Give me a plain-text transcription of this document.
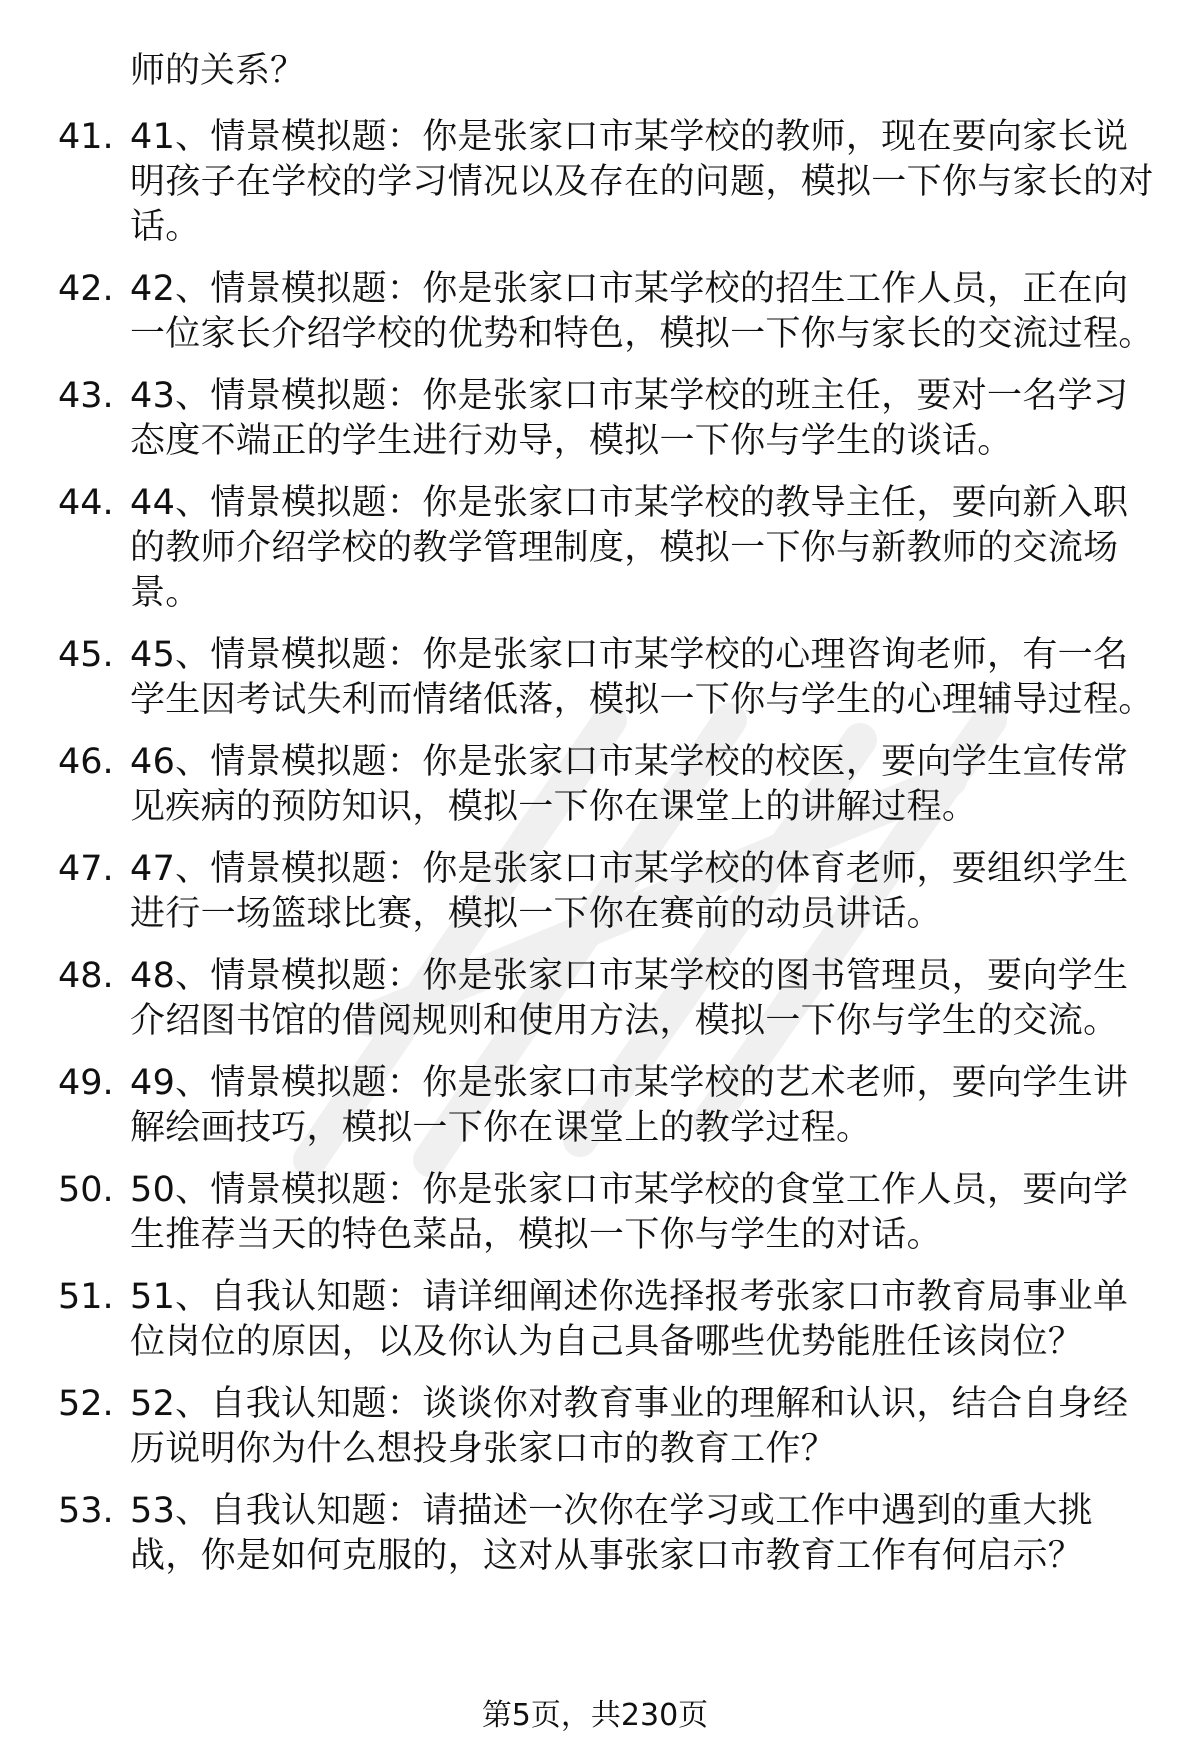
师的关系？
41. 41、情景模拟题：你是张家口市某学校的教师，现在要向家长说明孩子在学校的学习情况以及存在的问题，模拟一下你与家长的对话。
42. 42、情景模拟题：你是张家口市某学校的招生工作人员，正在向一位家长介绍学校的优势和特色，模拟一下你与家长的交流过程。
43. 43、情景模拟题：你是张家口市某学校的班主任，要对一名学习态度不端正的学生进行劝导，模拟一下你与学生的谈话。
44. 44、情景模拟题：你是张家口市某学校的教导主任，要向新入职的教师介绍学校的教学管理制度，模拟一下你与新教师的交流场景。
45. 45、情景模拟题：你是张家口市某学校的心理咨询老师，有一名学生因考试失利而情绪低落，模拟一下你与学生的心理辅导过程。
46. 46、情景模拟题：你是张家口市某学校的校医，要向学生宣传常见疾病的预防知识，模拟一下你在课堂上的讲解过程。
47. 47、情景模拟题：你是张家口市某学校的体育老师，要组织学生进行一场篮球比赛，模拟一下你在赛前的动员讲话。
48. 48、情景模拟题：你是张家口市某学校的图书管理员，要向学生介绍图书馆的借阅规则和使用方法，模拟一下你与学生的交流。
49. 49、情景模拟题：你是张家口市某学校的艺术老师，要向学生讲解绘画技巧，模拟一下你在课堂上的教学过程。
50. 50、情景模拟题：你是张家口市某学校的食堂工作人员，要向学生推荐当天的特色菜品，模拟一下你与学生的对话。
51. 51、自我认知题：请详细阐述你选择报考张家口市教育局事业单位岗位的原因，以及你认为自己具备哪些优势能胜任该岗位？
52. 52、自我认知题：谈谈你对教育事业的理解和认识，结合自身经历说明你为什么想投身张家口市的教育工作？
53. 53、自我认知题：请描述一次你在学习或工作中遇到的重大挑战，你是如何克服的，这对从事张家口市教育工作有何启示？
第5页，共230页
